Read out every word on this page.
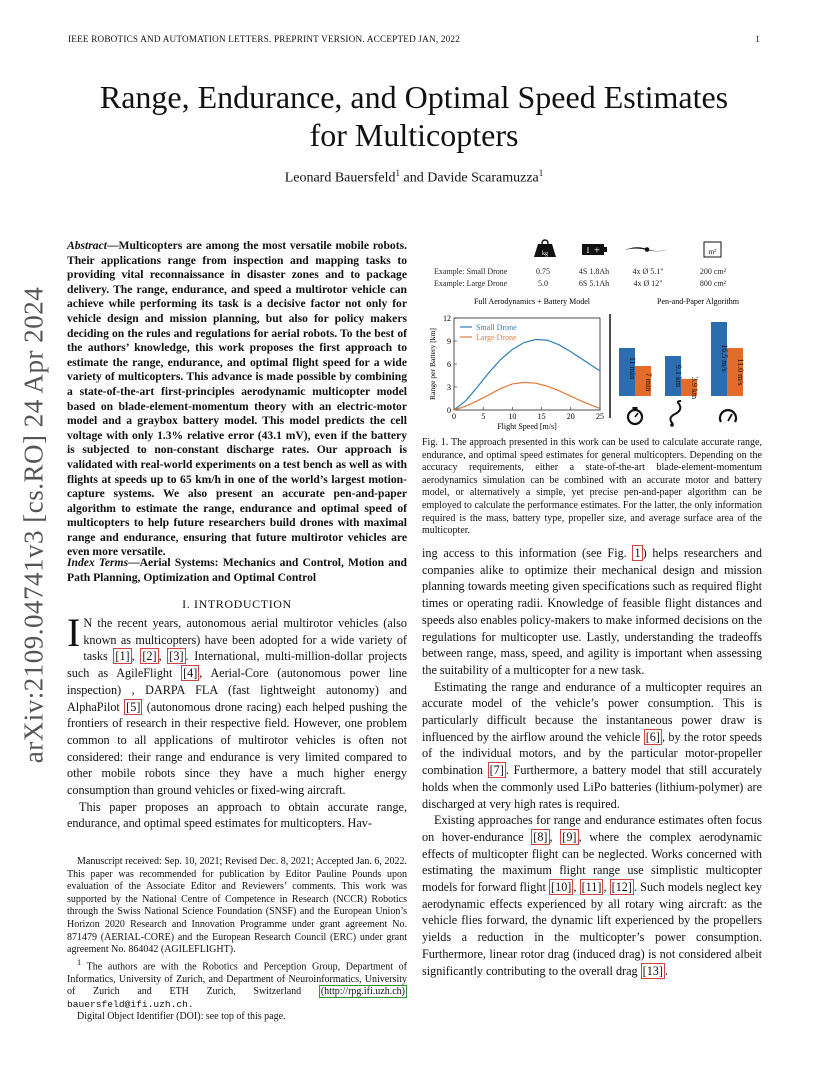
IEEE ROBOTICS AND AUTOMATION LETTERS. PREPRINT VERSION. ACCEPTED JAN, 2022	1
Range, Endurance, and Optimal Speed Estimates
for Multicopters
Leonard Bauersfeld$^1$ and Davide Scaramuzza$^1$
arXiv:2109.04741v3 [cs.RO] 24 Apr 2024
Abstract—Multicopters are among the most versatile mobile robots. Their applications range from inspection and mapping tasks to providing vital reconnaissance in disaster zones and to package delivery. The range, endurance, and speed a multirotor vehicle can achieve while performing its task is a decisive factor not only for vehicle design and mission planning, but also for policy makers deciding on the rules and regulations for aerial robots. To the best of the authors’ knowledge, this work proposes the first approach to estimate the range, endurance, and optimal flight speed for a wide variety of multicopters. This advance is made possible by combining a state-of-the-art first-principles aerodynamic multicopter model based on blade-element-momentum theory with an electric-motor model and a graybox battery model. This model predicts the cell voltage with only 1.3% relative error (43.1 mV), even if the battery is subjected to non-constant discharge rates. Our approach is validated with real-world experiments on a test bench as well as with flights at speeds up to 65 km/h in one of the world’s largest motion-capture systems. We also present an accurate pen-and-paper algorithm to estimate the range, endurance and optimal speed of multicopters to help future researchers build drones with maximal range and endurance, ensuring that future multirotor vehicles are even more versatile.
Index Terms—Aerial Systems: Mechanics and Control, Motion and Path Planning, Optimization and Optimal Control
I. INTRODUCTION

I N the recent years, autonomous aerial multirotor vehicles (also known as multicopters) have been adopted for a wide variety of tasks [1] , [2] , [3] . International, multi-million-dollar projects such as AgileFlight [4] , Aerial-Core (autonomous power line inspection) , DARPA FLA (fast lightweight autonomy) and AlphaPilot [5] (autonomous drone racing) each helped pushing the frontiers of research in their respective field. However, one problem common to all applications of multirotor vehicles is often not considered: their range and endurance is very limited compared to other mobile robots since they have a much higher energy consumption than ground vehicles or fixed-wing aircraft.

This paper proposes an approach to obtain accurate range, endurance, and optimal speed estimates for multicopters. Hav-

Manuscript received: Sep. 10, 2021; Revised Dec. 8, 2021; Accepted Jan. 6, 2022. This paper was recommended for publication by Editor Pauline Pounds upon evaluation of the Associate Editor and Reviewers’ comments. This work was supported by the National Centre of Competence in Research (NCCR) Robotics through the Swiss National Science Foundation (SNSF) and the European Union’s Horizon 2020 Research and Innovation Programme under grant agreement No. 871479 (AERIAL-CORE) and the European Research Council (ERC) under grant agreement No. 864042 (AGILEFLIGHT).

$^1$ The authors are with the Robotics and Perception Group, Department of Informatics, University of Zurich, and Department of Neuroinformatics, University of Zurich and ETH Zurich, Switzerland (http://rpg.ifi.uzh.ch) bauersfeld@ifi.uzh.ch.

Digital Object Identifier (DOI): see top of this page.

kg	I +	m²
Example: Small Drone	0.75	4S 1.8Ah	4x Ø 5.1"	200 cm²
Example: Large Drone	5.0	6S 5.1Ah	4x Ø 12"	800 cm²
Full Aerodynamics + Battery Model	Pen-and-Paper Algorithm
0	5	10	15	20	25
0
3
6
9
12
Small Drone
Large Drone
Flight Speed [m/s]
Range per Battery [km]	11 min
7 min	9.1 km
3.9 km
16.5 m/s
11.0 m/s
Fig. 1. The approach presented in this work can be used to calculate accurate range, endurance, and optimal speed estimates for general multicopters. Depending on the accuracy requirements, either a state-of-the-art blade-element-momentum aerodynamics simulation can be combined with an accurate motor and battery model, or alternatively a simple, yet precise pen-and-paper algorithm can be employed to calculate the performance estimates. For the latter, the only information required is the mass, battery type, propeller size, and average surface area of the multicopter.

ing access to this information (see Fig. 1 ) helps researchers and companies alike to optimize their mechanical design and mission planning towards meeting given specifications such as required flight times or operating radii. Knowledge of feasible flight distances and speeds also enables policy-makers to make informed decisions on the regulations for multicopter use. Lastly, understanding the tradeoffs between range, mass, speed, and agility is important when assessing the suitability of a multicopter for a new task.

Estimating the range and endurance of a multicopter requires an accurate model of the vehicle’s power consumption. This is particularly difficult because the instantaneous power draw is influenced by the airflow around the vehicle [6] , by the rotor speeds of the individual motors, and by the particular motor-propeller combination [7] . Furthermore, a battery model that still accurately holds when the commonly used LiPo batteries (lithium-polymer) are discharged at very high rates is required.

Existing approaches for range and endurance estimates often focus on hover-endurance [8] , [9] , where the complex aerodynamic effects of multicopter flight can be neglected. Works concerned with estimating the maximum flight range use simplistic multicopter models for forward flight [10] , [11] , [12] . Such models neglect key aerodynamic effects experienced by all rotary wing aircraft: as the vehicle flies forward, the dynamic lift experienced by the propellers yields a reduction in the multicopter’s power consumption. Furthermore, linear rotor drag (induced drag) is not considered albeit significantly contributing to the overall drag [13] .
